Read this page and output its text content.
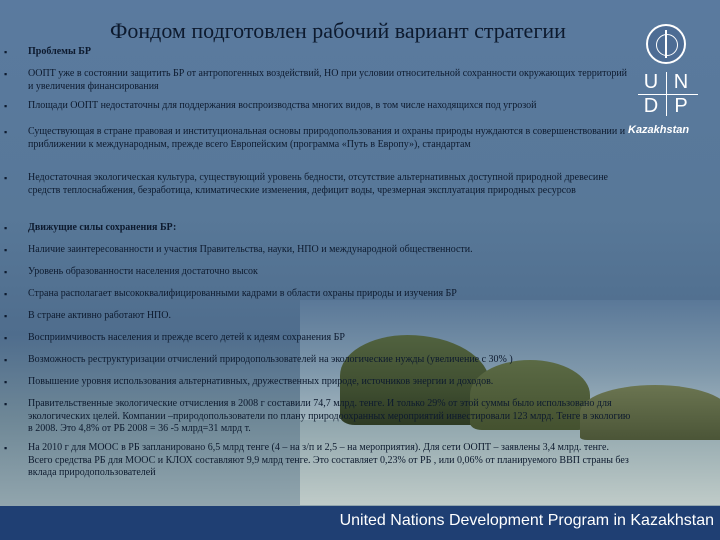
Фондом подготовлен рабочий вариант стратегии
U N
D P
Kazakhstan
▪ Проблемы БР
▪ ООПТ уже в состоянии защитить БР от антропогенных воздействий, НО при условии относительной сохранности окружающих территорий и увеличения финансирования
▪ Площади ООПТ недостаточны для поддержания воспроизводства многих видов, в том числе находящихся под угрозой
▪ Существующая в стране правовая и институциональная основы природопользования и охраны природы нуждаются в совершенствовании и приближении к международным, прежде всего Европейским (программа «Путь в Европу»), стандартам
▪ Недостаточная экологическая культура, существующий уровень бедности, отсутствие альтернативных доступной природной древесине средств теплоснабжения, безработица, климатические изменения, дефицит воды, чрезмерная эксплуатация природных ресурсов
▪ Движущие силы сохранения БР:
▪ Наличие заинтересованности и участия Правительства, науки, НПО и международной общественности.
▪ Уровень образованности населения достаточно высок
▪ Страна располагает высококвалифицированными кадрами в области охраны природы и изучения БР
▪ В стране активно работают НПО.
▪ Восприимчивость населения и прежде всего детей к идеям сохранения БР
▪ Возможность реструктуризации отчислений природопользователей на экологические нужды (увеличение с 30% )
▪ Повышение уровня использования альтернативных, дружественных природе, источников энергии и доходов.
▪ Правительственные экологические отчисления в 2008 г составили 74,7 млрд. тенге. И только 29% от этой суммы было использовано для экологических целей. Компании –природопользователи по плану природоохранных мероприятий инвестировали 123 млрд. Тенге в экологию в 2008. Это 4,8% от РБ 2008 = 36 -5 млрд=31 млрд т.
▪ На 2010 г для МООС в РБ запланировано 6,5 млрд тенге (4 – на з/п и 2,5 – на мероприятия). Для сети ООПТ – заявлены 3,4 млрд. тенге. Всего средства РБ для МООС и КЛОХ составляют 9,9 млрд тенге. Это составляет 0,23% от РБ , или 0,06% от планируемого ВВП страны без вклада природопользователей
United Nations Development Program in Kazakhstan
